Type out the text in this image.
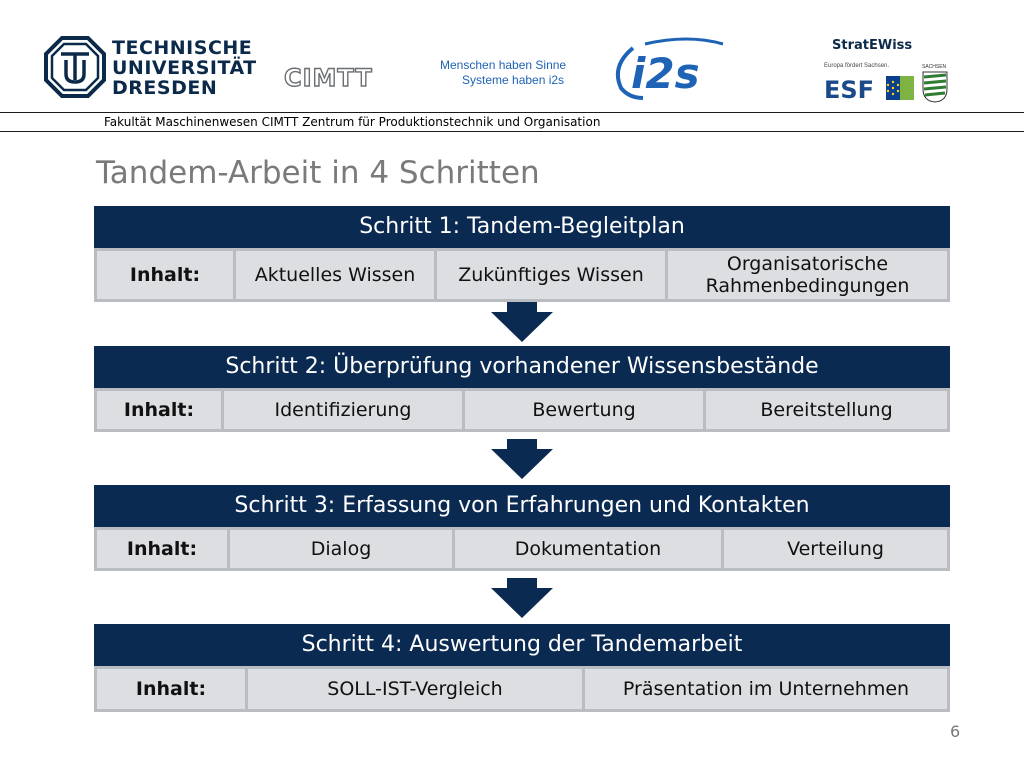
TECHNISCHE
UNIVERSITÄT
DRESDEN	CIMTT	Menschen haben Sinne
Systeme haben i2s i2s
StratEWiss
Europa fördert Sachsen.
ESF
SACHSEN
Fakultät Maschinenwesen CIMTT Zentrum für Produktionstechnik und Organisation
Tandem-Arbeit in 4 Schritten
Schritt 1: Tandem-Begleitplan
Inhalt:	Aktuelles Wissen	Zukünftiges Wissen	Organisatorische Rahmenbedingungen
Schritt 2: Überprüfung vorhandener Wissensbestände
Inhalt:	Identifizierung	Bewertung	Bereitstellung
Schritt 3: Erfassung von Erfahrungen und Kontakten
Inhalt:	Dialog	Dokumentation	Verteilung
Schritt 4: Auswertung der Tandemarbeit
Inhalt:	SOLL-IST-Vergleich	Präsentation im Unternehmen
6
